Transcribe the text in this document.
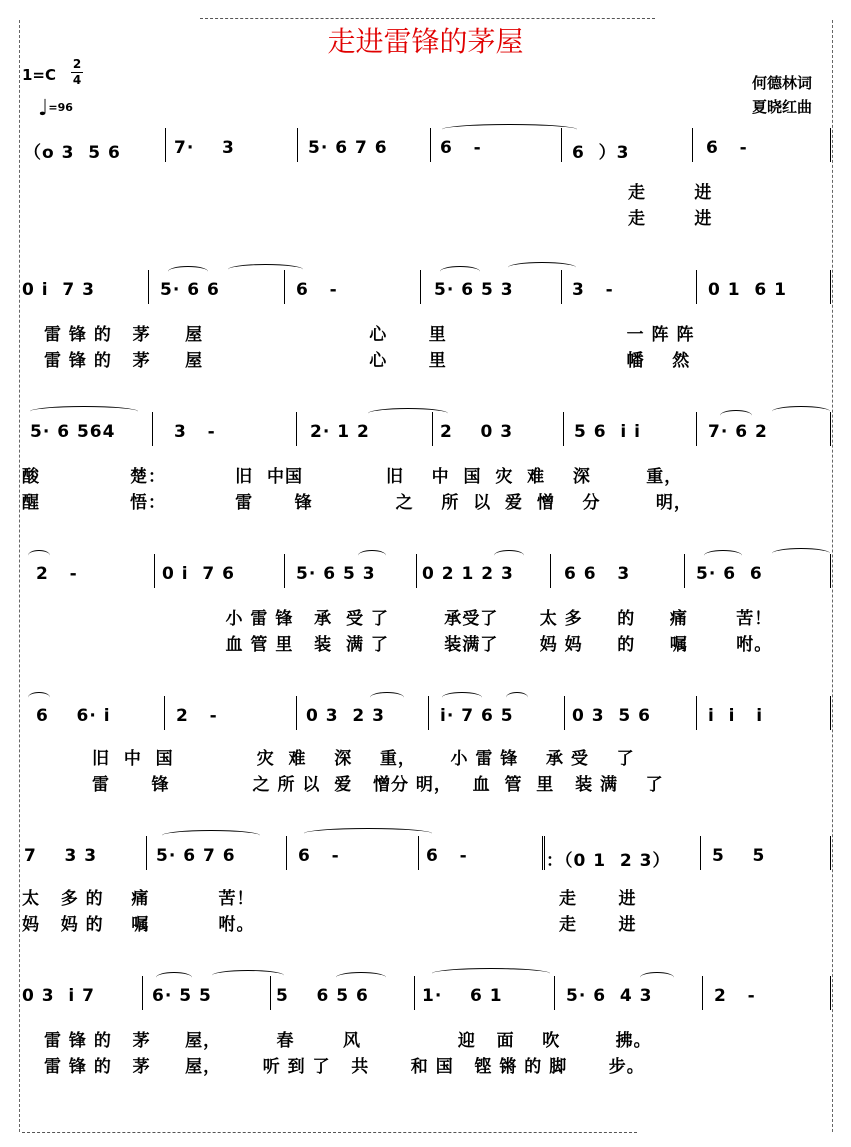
走进雷锋的茅屋
1=C
2
4
♩=96
何德林词
夏晓红曲
（o 3  5 6	7·    3	5· 6 7 6	6   -	6  ）3	6   -
走       进
走       进
0 i  7 3	5· 6 6	6   -	5· 6 5 3	3   -	0 1  6 1
雷 锋 的   茅     屋                        心      里                          一 阵 阵
雷 锋 的   茅     屋                        心      里                          幡    然
5· 6 564	3   -	2· 1 2	2    0 3	5 6  i i	7· 6 2
酸             楚：          旧  中国            旧    中  国  灾  难    深        重，
醒             悟：          雷      锋            之    所  以  爱  憎    分        明，
2   -	0 i  7 6	5· 6 5 3	0 2 1 2 3	6 6   3	5· 6  6
小 雷 锋   承  受 了        承受了      太 多     的     痛       苦！
血 管 里   装  满 了        装满了      妈 妈     的     嘱       咐。
6    6· i	2   -	0 3  2 3	i· 7 6 5	0 3  5 6	i  i   i
旧  中  国            灾  难    深    重，     小 雷 锋    承 受    了
雷      锋            之 所 以  爱   憎分 明，   血  管  里   装 满    了
7    3 3	5· 6 7 6	6   -	6   -	：（0 1  2 3） 5    5
太   多 的    痛          苦！                                            走      进
妈   妈 的    嘱          咐。                                            走      进
0 3  i 7	6· 5 5	5    6 5 6	1·    6 1	5· 6  4 3	2   -
雷 锋 的   茅     屋，        春       风              迎   面    吹        拂。
雷 锋 的   茅     屋，      听 到 了   共      和 国   铿 锵 的 脚      步。
